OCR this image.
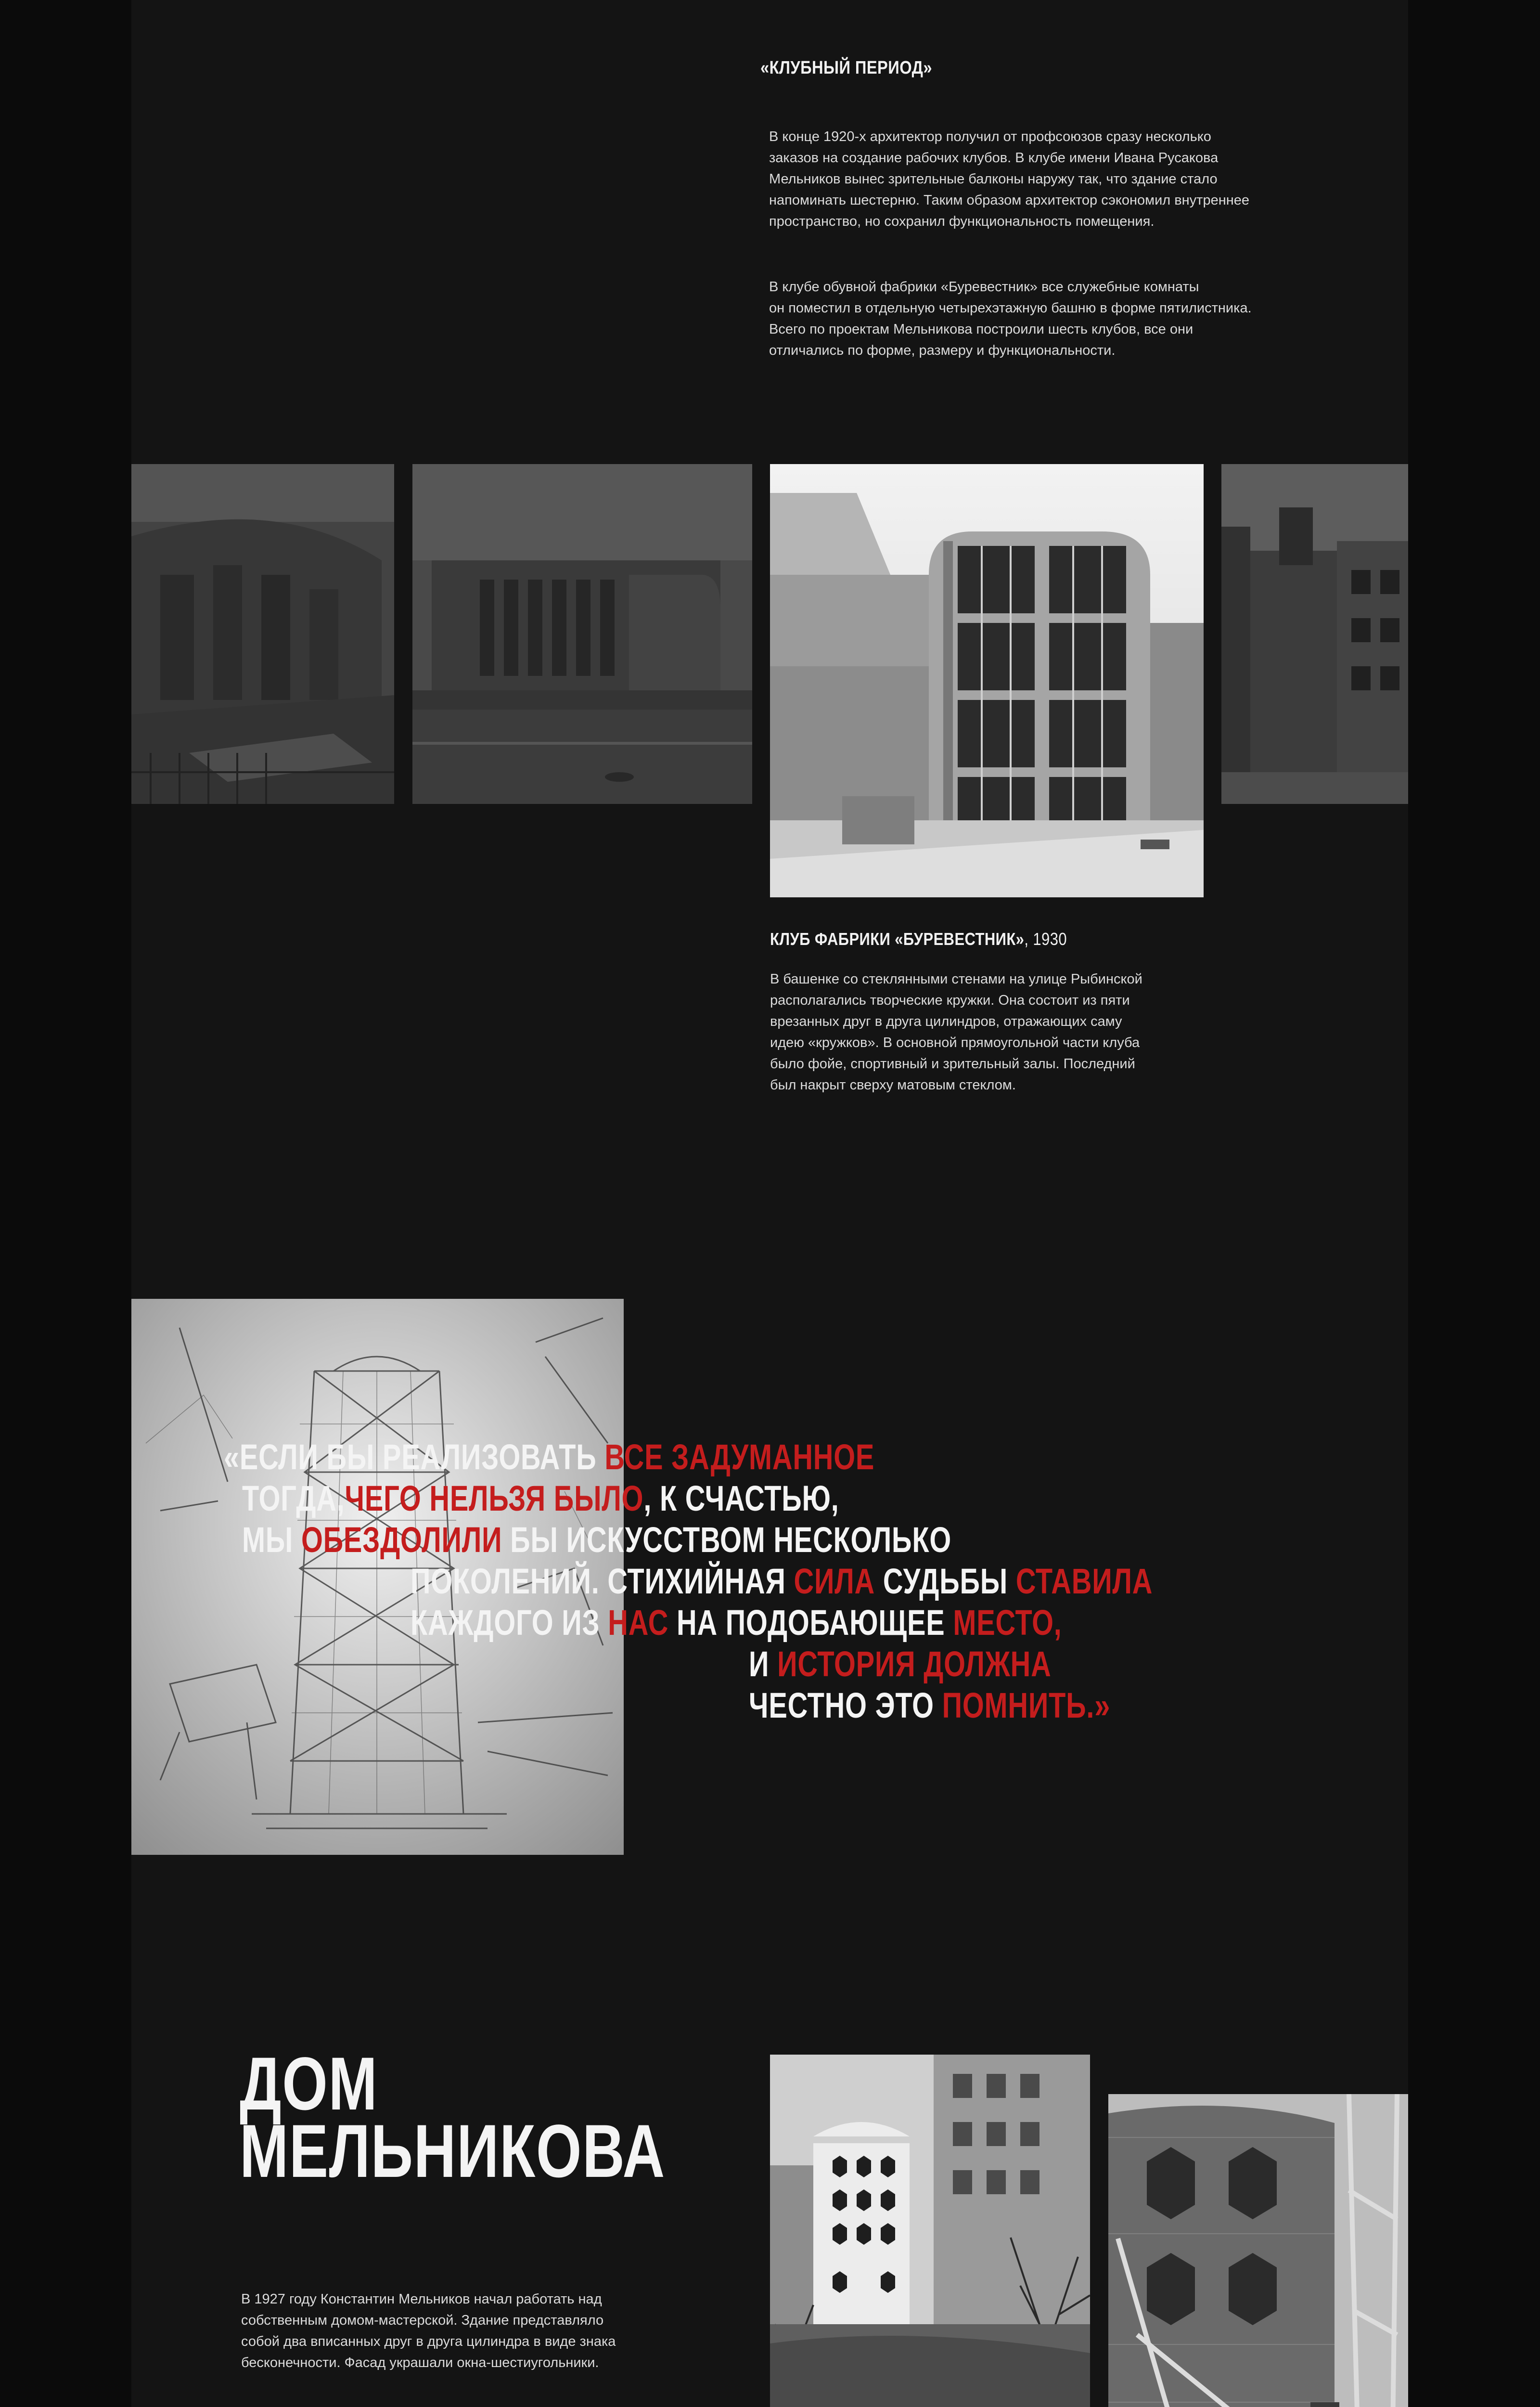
«КЛУБНЫЙ ПЕРИОД»

В конце 1920-х архитектор получил от профсоюзов сразу несколько
заказов на создание рабочих клубов. В клубе имени Ивана Русакова
Мельников вынес зрительные балконы наружу так, что здание стало
напоминать шестерню. Таким образом архитектор сэкономил внутреннее
пространство, но сохранил функциональность помещения.

В клубе обувной фабрики «Буревестник» все служебные комнаты
он поместил в отдельную четырехэтажную башню в форме пятилистника.
Всего по проектам Мельникова построили шесть клубов, все они
отличались по форме, размеру и функциональности.

КЛУБ ФАБРИКИ «БУРЕВЕСТНИК», 1930
В башенке со стеклянными стенами на улице Рыбинской
располагались творческие кружки. Она состоит из пяти
врезанных друг в друга цилиндров, отражающих саму
идею «кружков». В основной прямоугольной части клуба
было фойе, спортивный и зрительный залы. Последний
был накрыт сверху матовым стеклом.
«ЕСЛИ БЫ РЕАЛИЗОВАТЬ ВСЕ ЗАДУМАННОЕ
ТОГДА,ЧЕГО НЕЛЬЗЯ БЫЛО, К СЧАСТЬЮ,
МЫ ОБЕЗДОЛИЛИ БЫ ИСКУССТВОМ НЕСКОЛЬКО
ПОКОЛЕНИЙ. СТИХИЙНАЯ СИЛА СУДЬБЫ СТАВИЛА
КАЖДОГО ИЗ НАС НА ПОДОБАЮЩЕЕ МЕСТО,
И ИСТОРИЯ ДОЛЖНА
ЧЕСТНО ЭТО ПОМНИТЬ.»
ДОМ
МЕЛЬНИКОВА

В 1927 году Константин Мельников начал работать над
собственным домом-мастерской. Здание представляло
собой два вписанных друг в друга цилиндра в виде знака
бесконечности. Фасад украшали окна-шестиугольники.
